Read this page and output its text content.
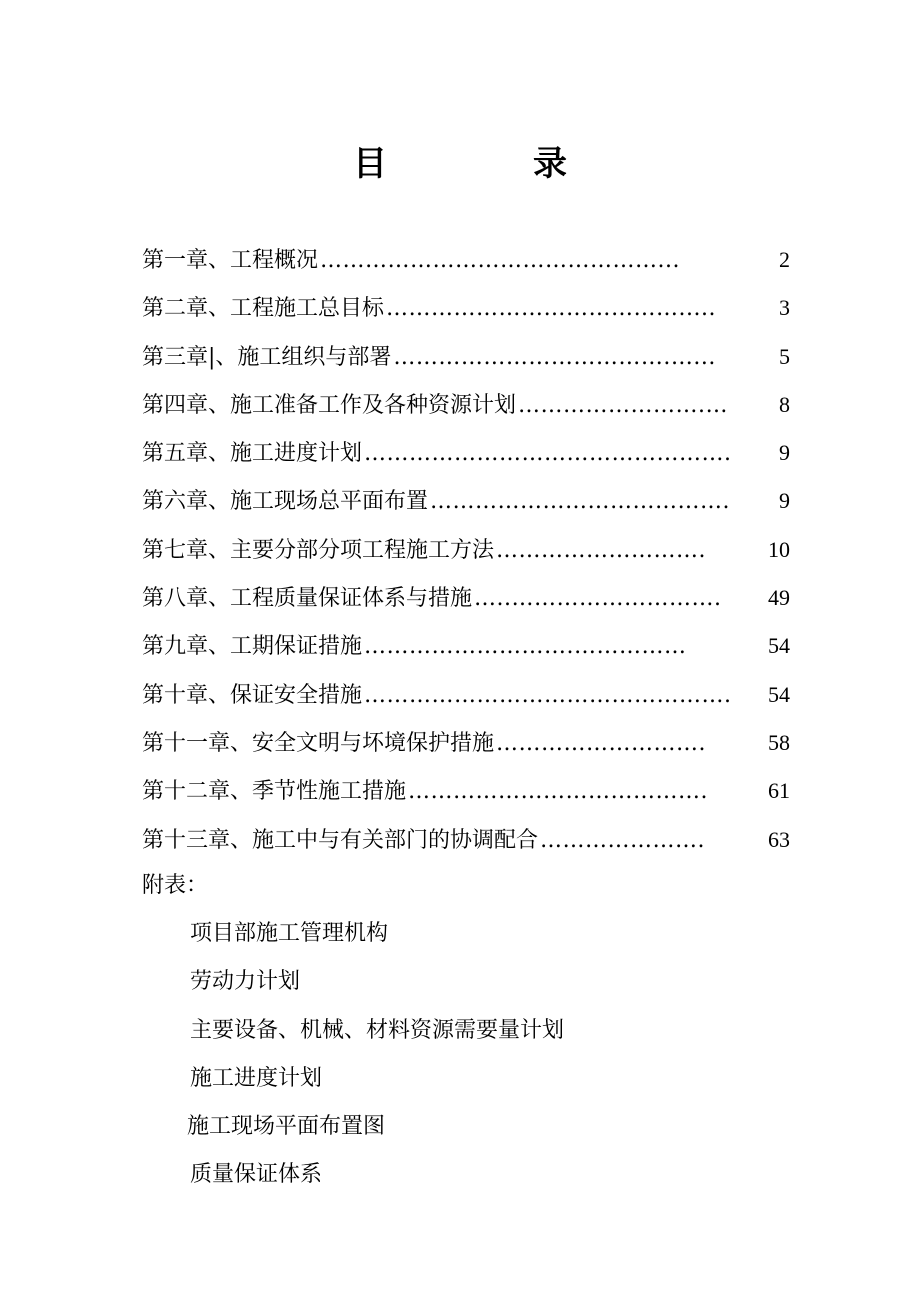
目　录
第一章、工程概况 ………………………………………...	2
第二章、工程施工总目标 ………………………………….....	3
第三章|、施工组织与部署 ……………………………….…...	5
第四章、施工准备工作及各种资源计划 …………………….…	8
第五章、施工进度计划 ………………………………………….	9
第六章、施工现场总平面布置 ………………………………….	9
第七章、主要分部分项工程施工方法 ……………………….	10
第八章、工程质量保证体系与措施 …..……………………….	49
第九章、工期保证措施 ……………………….……………	54
第十章、保证安全措施 ………………………………………….	54
第十一章、安全文明与坏境保护措施 ……………………….	58
第十二章、季节性施工措施 ………………………………….	61
第十三章、施工中与有关部门的协调配合 ………………….	63

附表：

项目部施工管理机构
劳动力计划
主要设备、机械、材料资源需要量计划
施工进度计划
施工现场平面布置图
质量保证体系
